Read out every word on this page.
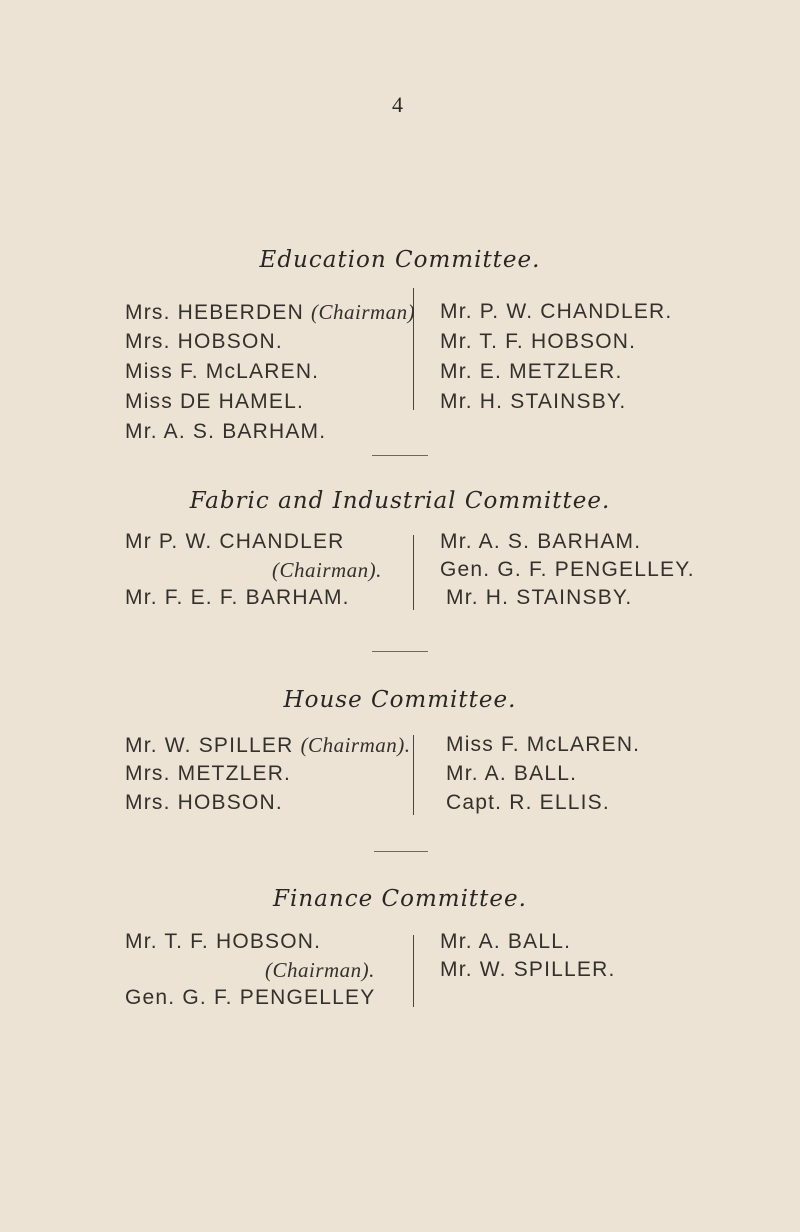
4
Education Committee.
Mrs. HEBERDEN (Chairman)
Mrs. HOBSON.
Miss F. McLAREN.
Miss DE HAMEL.
Mr. A. S. BARHAM.
Mr. P. W. CHANDLER.
Mr. T. F. HOBSON.
Mr. E. METZLER.
Mr. H. STAINSBY.
Fabric and Industrial Committee.
Mr P. W. CHANDLER
(Chairman).
Mr. F. E. F. BARHAM.
Mr. A. S. BARHAM.
Gen. G. F. PENGELLEY.
Mr. H. STAINSBY.
House Committee.
Mr. W. SPILLER (Chairman).
Mrs. METZLER.
Mrs. HOBSON.
Miss F. McLAREN.
Mr. A. BALL.
Capt. R. ELLIS.
Finance Committee.
Mr. T. F. HOBSON.
(Chairman).
Gen. G. F. PENGELLEY
Mr. A. BALL.
Mr. W. SPILLER.
